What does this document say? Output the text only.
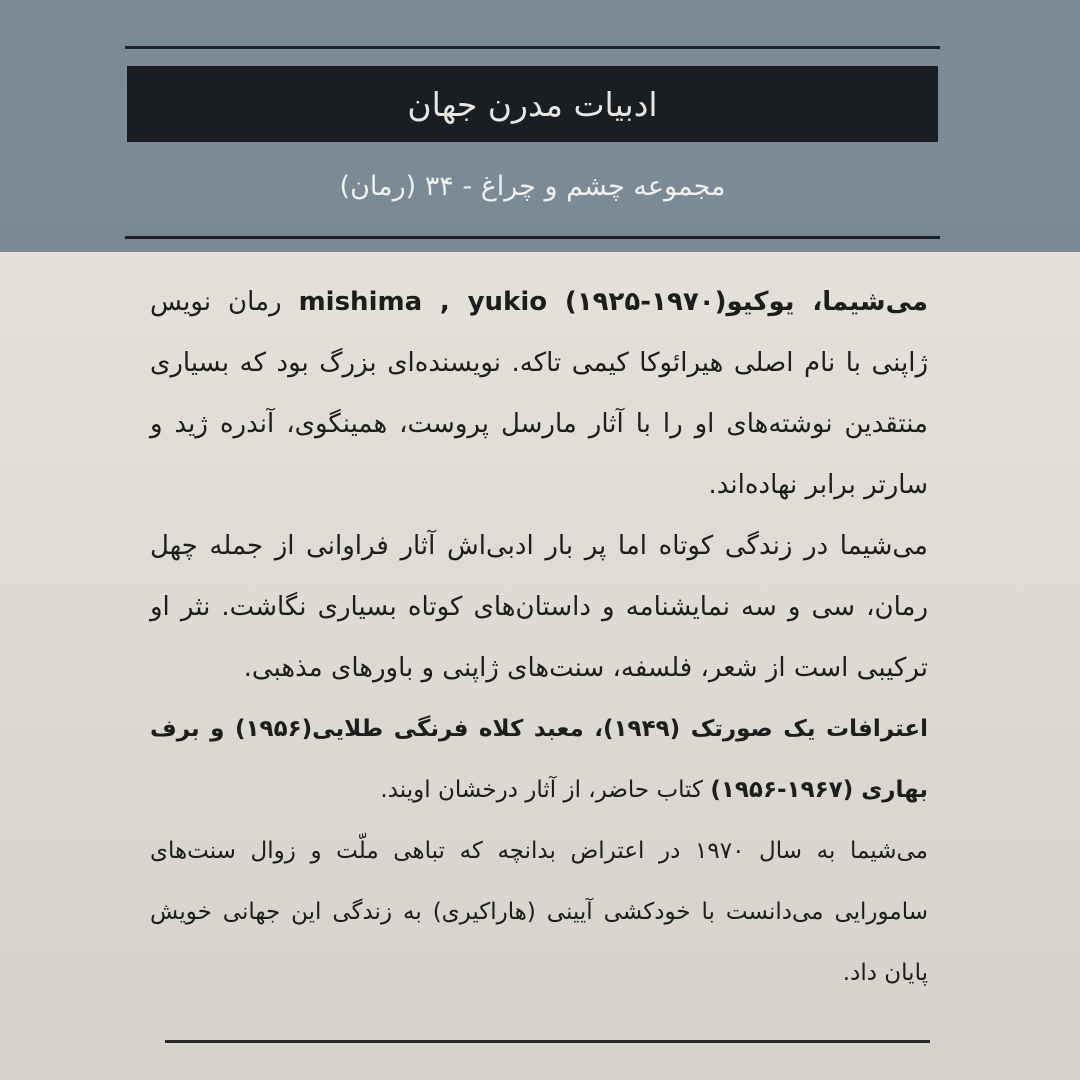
ادبیات مدرن جهان
مجموعه چشم و چراغ - ۳۴ (رمان)

می‌شیما، یوکیو(۱۹۷۰-۱۹۲۵) mishima , yukio رمان نویس ژاپنی با نام اصلی هیرائوکا کیمی تاکه. نویسنده‌ای بزرگ بود که بسیاری منتقدین نوشته‌های او را با آثار مارسل پروست، همینگوی، آندره ژید و سارتر برابر نهاده‌اند.

می‌شیما در زندگی کوتاه اما پر بار ادبی‌اش آثار فراوانی از جمله چهل رمان، سی و سه نمایشنامه و داستان‌های کوتاه بسیاری نگاشت. نثر او ترکیبی است از شعر، فلسفه، سنت‌های ژاپنی و باورهای مذهبی.

اعترافات یک صورتک (۱۹۴۹)، معبد کلاه فرنگی طلایی(۱۹۵۶) و برف بهاری (۱۹۶۷-۱۹۵۶) کتاب حاضر، از آثار درخشان اویند.

می‌شیما به سال ۱۹۷۰ در اعتراض بدانچه که تباهی ملّت و زوال سنت‌های سامورایی می‌دانست با خودکشی آیینی (هاراکیری) به زندگی این جهانی خویش پایان داد.
